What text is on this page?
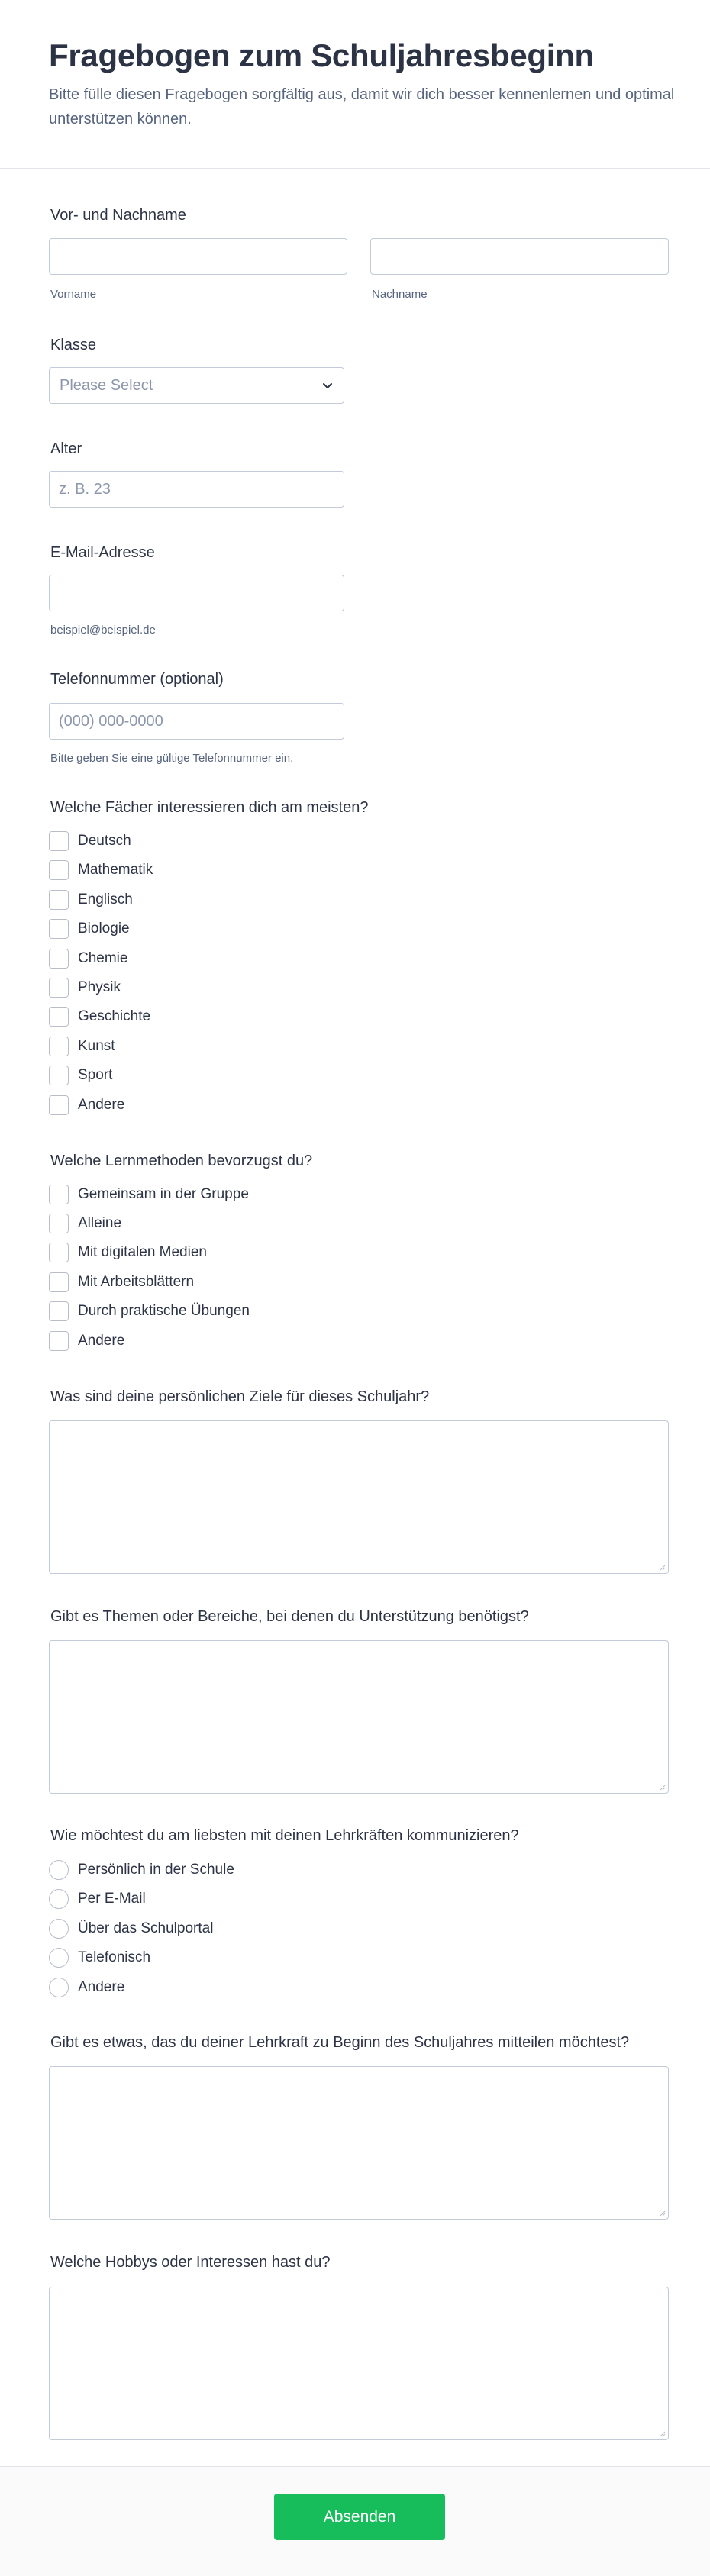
Fragebogen zum Schuljahresbeginn
Bitte fülle diesen Fragebogen sorgfältig aus, damit wir dich besser kennenlernen und optimal unterstützen können.
Vor- und Nachname
Vorname	Nachname
Klasse
Please Select
Alter
z. B. 23
E-Mail-Adresse
beispiel@beispiel.de
Telefonnummer (optional)
(000) 000-0000
Bitte geben Sie eine gültige Telefonnummer ein.
Welche Fächer interessieren dich am meisten?
Deutsch
Mathematik
Englisch
Biologie
Chemie
Physik
Geschichte
Kunst
Sport
Andere
Welche Lernmethoden bevorzugst du?
Gemeinsam in der Gruppe
Alleine
Mit digitalen Medien
Mit Arbeitsblättern
Durch praktische Übungen
Andere
Was sind deine persönlichen Ziele für dieses Schuljahr?
Gibt es Themen oder Bereiche, bei denen du Unterstützung benötigst?
Wie möchtest du am liebsten mit deinen Lehrkräften kommunizieren?
Persönlich in der Schule
Per E-Mail
Über das Schulportal
Telefonisch
Andere
Gibt es etwas, das du deiner Lehrkraft zu Beginn des Schuljahres mitteilen möchtest?
Welche Hobbys oder Interessen hast du?
Absenden
